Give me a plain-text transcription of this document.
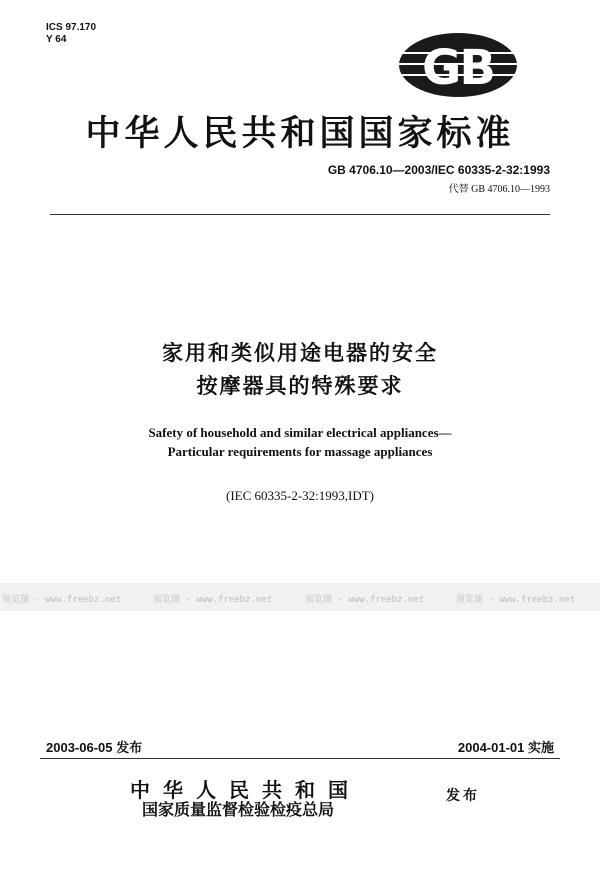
ICS 97.170
Y 64
GB
中华人民共和国国家标准
GB 4706.10—2003/IEC 60335-2-32:1993
代替 GB 4706.10—1993
家用和类似用途电器的安全
按摩器具的特殊要求
Safety of household and similar electrical appliances—
Particular requirements for massage appliances
(IEC 60335-2-32:1993,IDT)
预览图 - www.freebz.net	预览图 - www.freebz.net	预览图 - www.freebz.net	预览图 - www.freebz.net
2003-06-05 发布	2004-01-01 实施
中华人民共和国
国家质量监督检验检疫总局
发布
